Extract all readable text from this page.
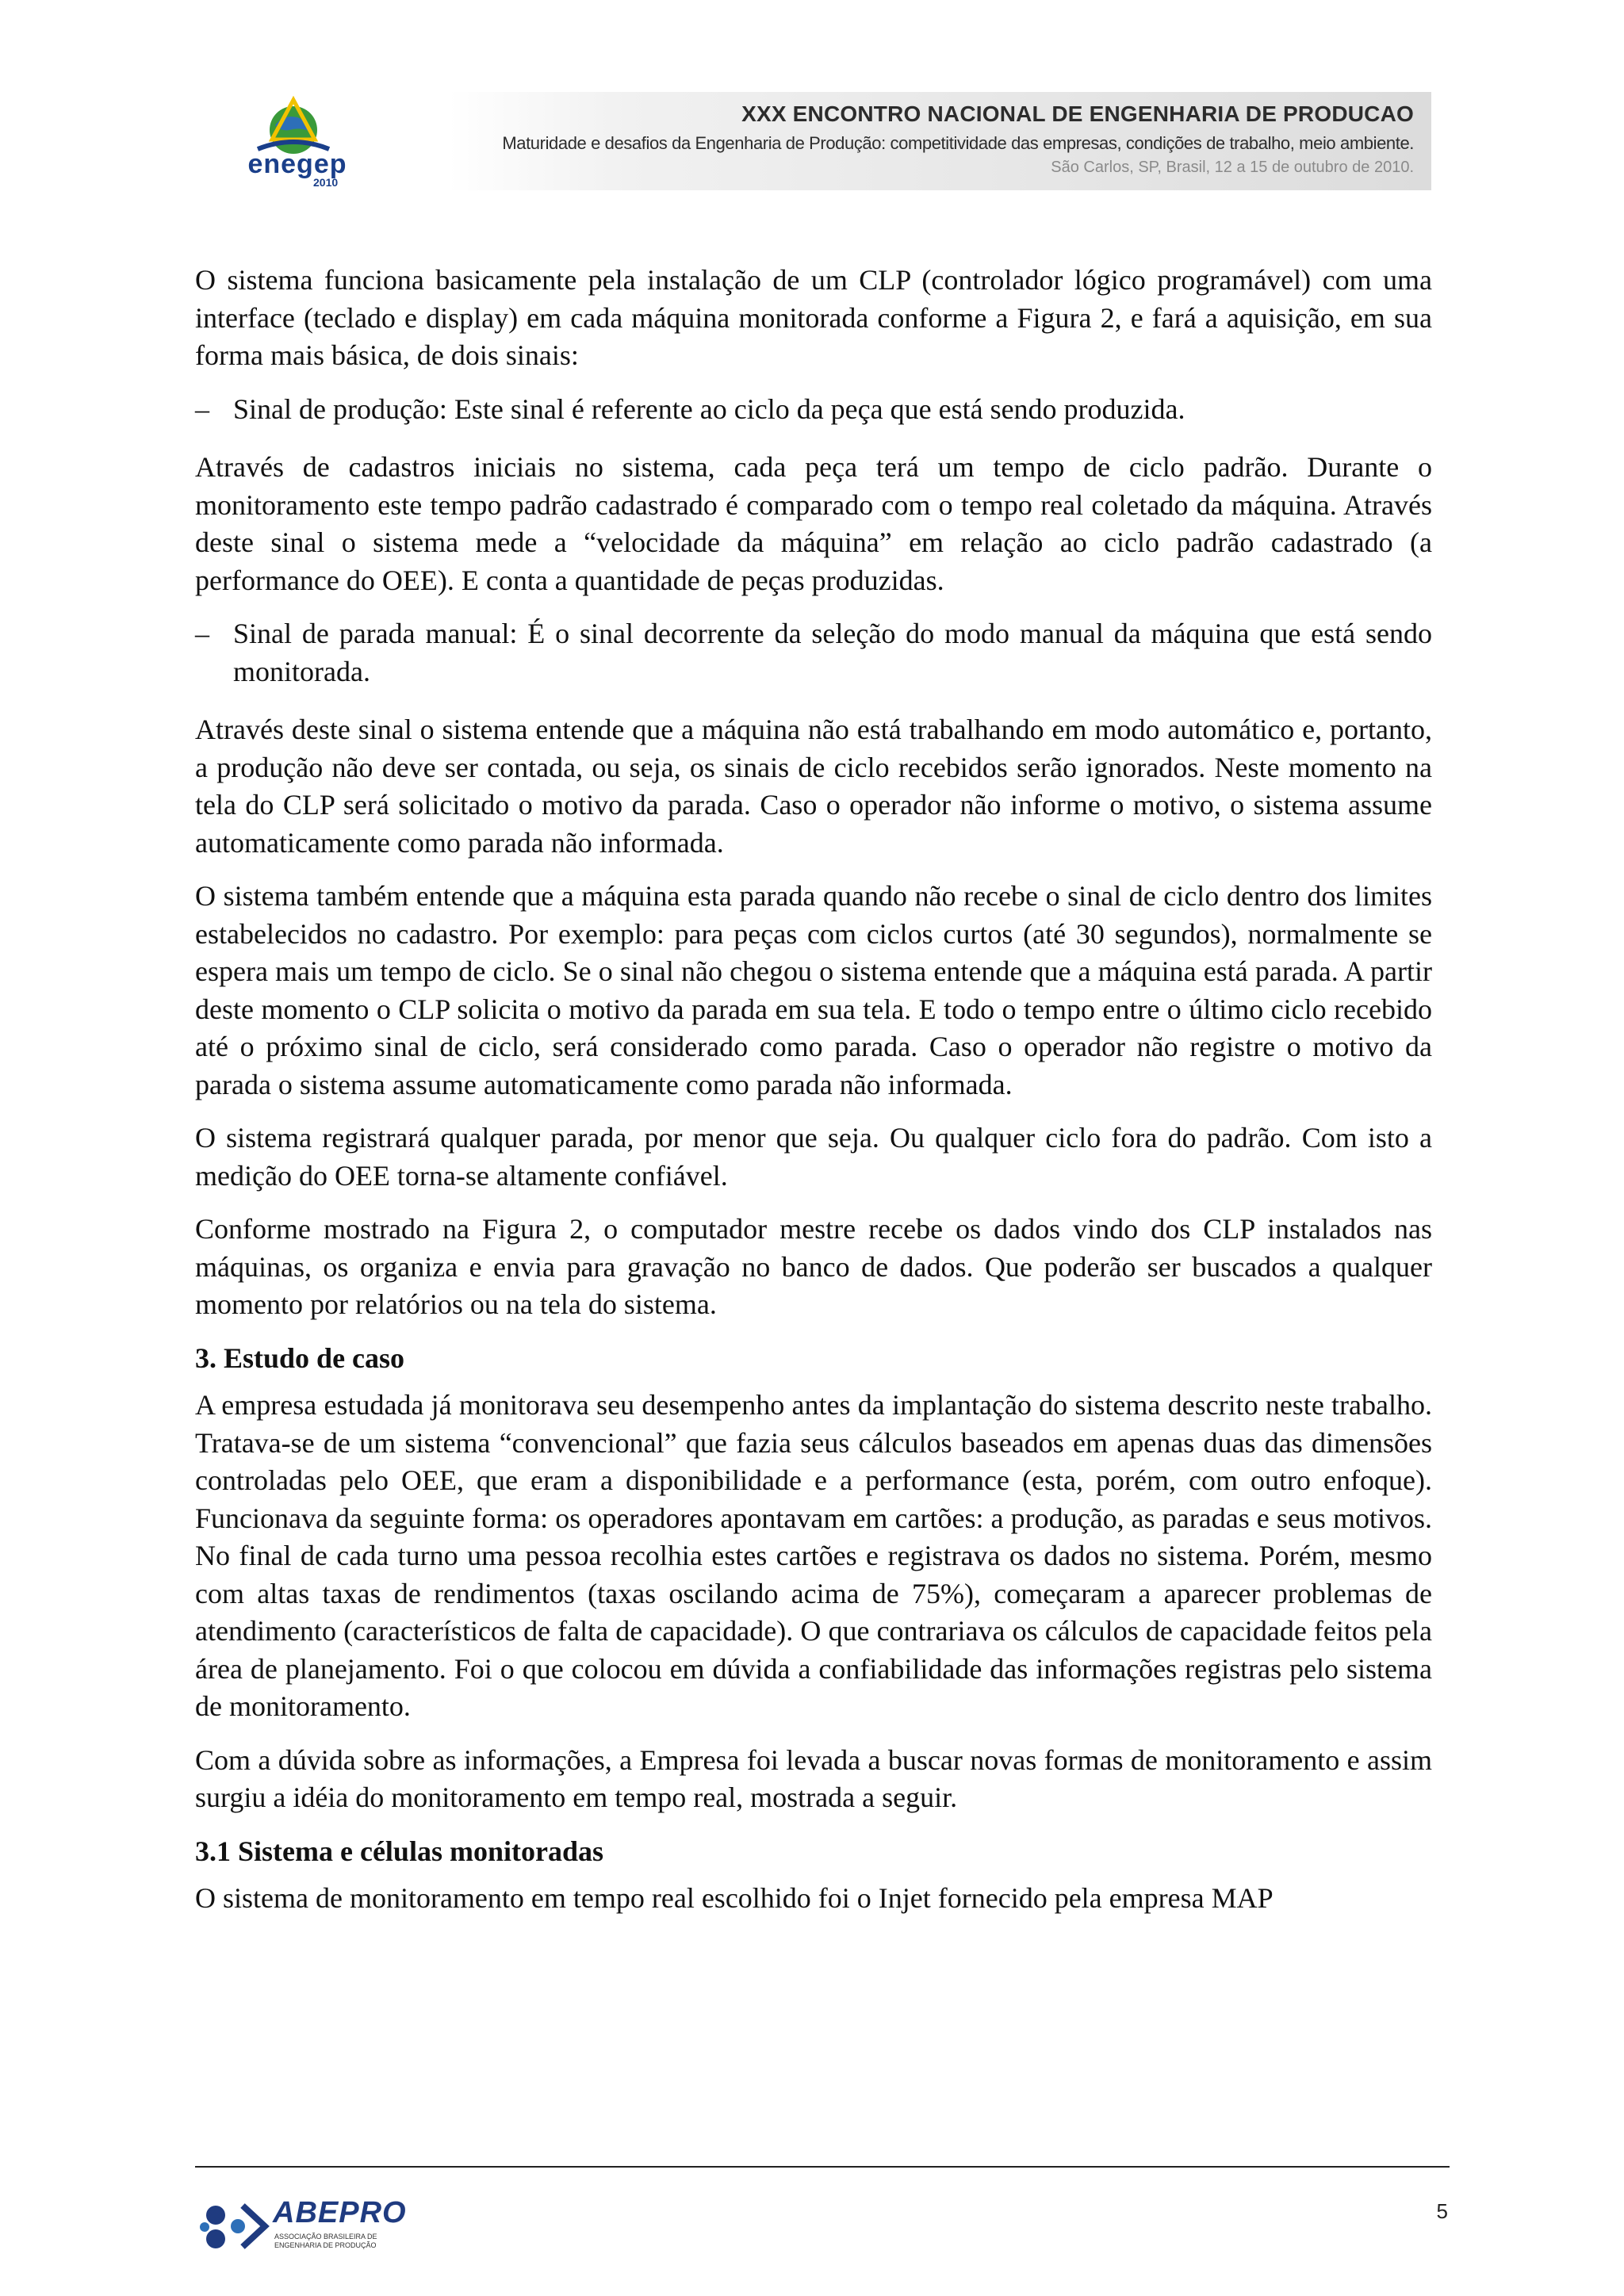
enegep
2010
XXX ENCONTRO NACIONAL DE ENGENHARIA DE PRODUCAO
Maturidade e desafios da Engenharia de Produção: competitividade das empresas, condições de trabalho, meio ambiente.
São Carlos, SP, Brasil, 12 a 15 de outubro de 2010.

O sistema funciona basicamente pela instalação de um CLP (controlador lógico programável) com uma interface (teclado e display) em cada máquina monitorada conforme a Figura 2, e fará a aquisição, em sua forma mais básica, de dois sinais:

– Sinal de produção: Este sinal é referente ao ciclo da peça que está sendo produzida.

Através de cadastros iniciais no sistema, cada peça terá um tempo de ciclo padrão. Durante o monitoramento este tempo padrão cadastrado é comparado com o tempo real coletado da máquina. Através deste sinal o sistema mede a “velocidade da máquina” em relação ao ciclo padrão cadastrado (a performance do OEE). E conta a quantidade de peças produzidas.

– Sinal de parada manual: É o sinal decorrente da seleção do modo manual da máquina que está sendo monitorada.

Através deste sinal o sistema entende que a máquina não está trabalhando em modo automático e, portanto, a produção não deve ser contada, ou seja, os sinais de ciclo recebidos serão ignorados. Neste momento na tela do CLP será solicitado o motivo da parada. Caso o operador não informe o motivo, o sistema assume automaticamente como parada não informada.

O sistema também entende que a máquina esta parada quando não recebe o sinal de ciclo dentro dos limites estabelecidos no cadastro. Por exemplo: para peças com ciclos curtos (até 30 segundos), normalmente se espera mais um tempo de ciclo. Se o sinal não chegou o sistema entende que a máquina está parada. A partir deste momento o CLP solicita o motivo da parada em sua tela. E todo o tempo entre o último ciclo recebido até o próximo sinal de ciclo, será considerado como parada. Caso o operador não registre o motivo da parada o sistema assume automaticamente como parada não informada.

O sistema registrará qualquer parada, por menor que seja. Ou qualquer ciclo fora do padrão. Com isto a medição do OEE torna-se altamente confiável.

Conforme mostrado na Figura 2, o computador mestre recebe os dados vindo dos CLP instalados nas máquinas, os organiza e envia para gravação no banco de dados. Que poderão ser buscados a qualquer momento por relatórios ou na tela do sistema.

3. Estudo de caso

A empresa estudada já monitorava seu desempenho antes da implantação do sistema descrito neste trabalho. Tratava-se de um sistema “convencional” que fazia seus cálculos baseados em apenas duas das dimensões controladas pelo OEE, que eram a disponibilidade e a performance (esta, porém, com outro enfoque). Funcionava da seguinte forma: os operadores apontavam em cartões: a produção, as paradas e seus motivos. No final de cada turno uma pessoa recolhia estes cartões e registrava os dados no sistema. Porém, mesmo com altas taxas de rendimentos (taxas oscilando acima de 75%), começaram a aparecer problemas de atendimento (característicos de falta de capacidade). O que contrariava os cálculos de capacidade feitos pela área de planejamento. Foi o que colocou em dúvida a confiabilidade das informações registras pelo sistema de monitoramento.

Com a dúvida sobre as informações, a Empresa foi levada a buscar novas formas de monitoramento e assim surgiu a idéia do monitoramento em tempo real, mostrada a seguir.

3.1 Sistema e células monitoradas

O sistema de monitoramento em tempo real escolhido foi o Injet fornecido pela empresa MAP

ABEPRO
ASSOCIAÇÃO BRASILEIRA DE ENGENHARIA DE PRODUÇÃO
5
